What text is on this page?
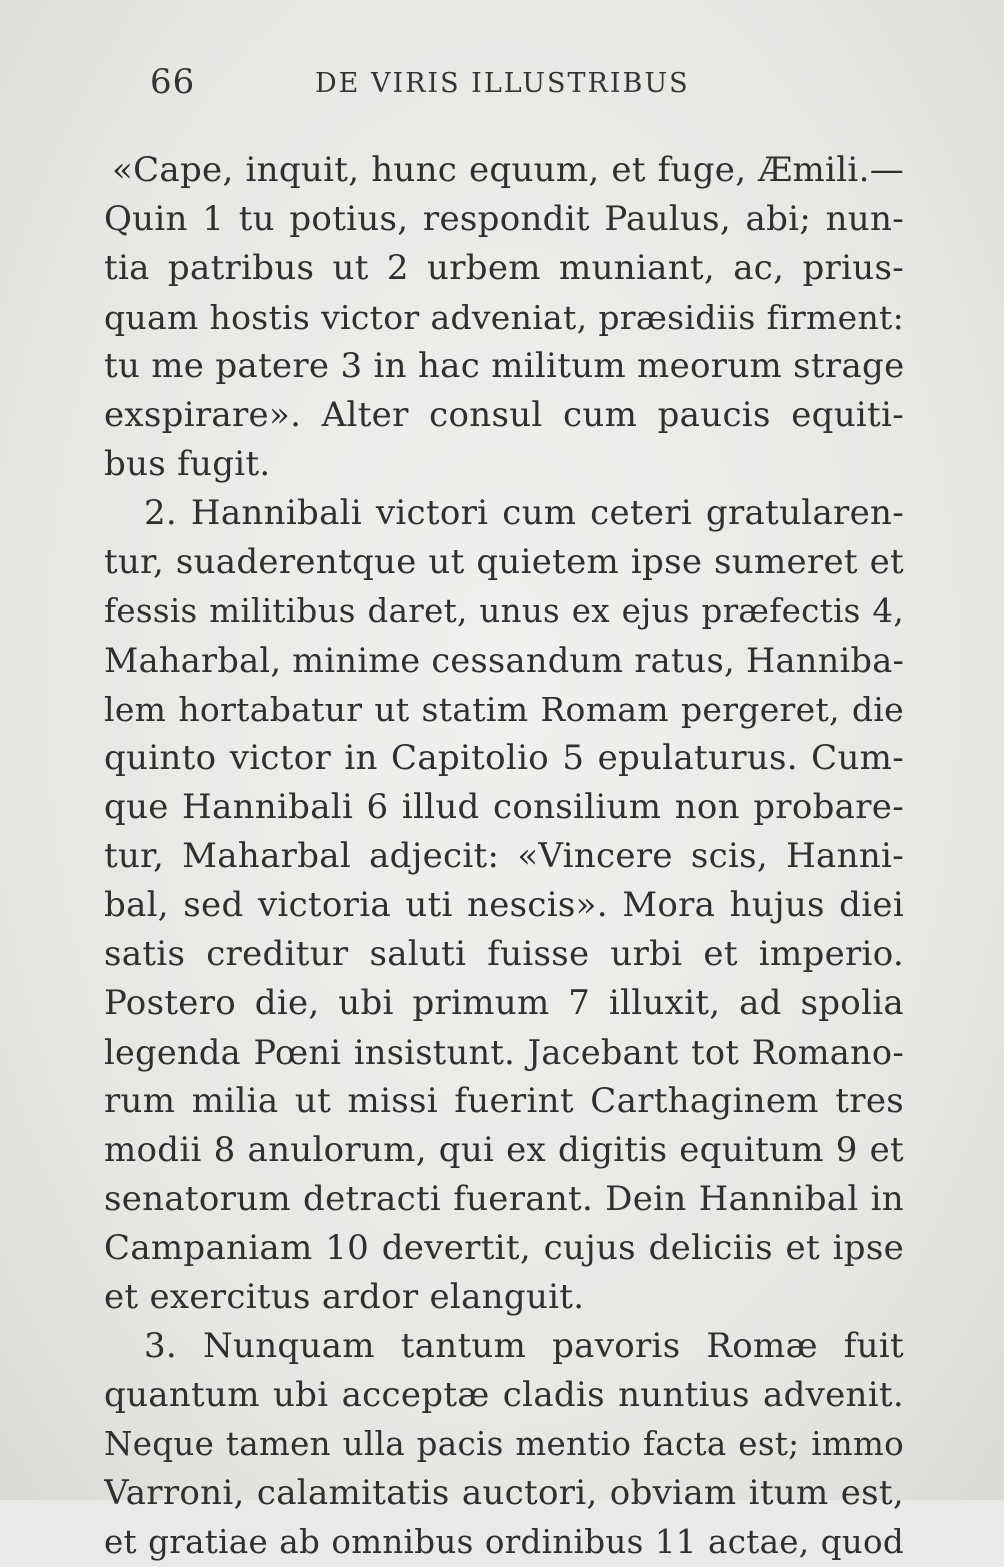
66	DE VIRIS ILLUSTRIBUS
«Cape, inquit, hunc equum, et fuge, Æmili.—
Quin 1 tu potius, respondit Paulus, abi; nun-
tia patribus ut 2 urbem muniant, ac, prius-
quam hostis victor adveniat, præsidiis firment:
tu me patere 3 in hac militum meorum strage
exspirare». Alter consul cum paucis equiti-
bus fugit.
2. Hannibali victori cum ceteri gratularen-
tur, suaderentque ut quietem ipse sumeret et
fessis militibus daret, unus ex ejus præfectis 4,
Maharbal, minime cessandum ratus, Hanniba-
lem hortabatur ut statim Romam pergeret, die
quinto victor in Capitolio 5 epulaturus. Cum-
que Hannibali 6 illud consilium non probare-
tur, Maharbal adjecit: «Vincere scis, Hanni-
bal, sed victoria uti nescis». Mora hujus diei
satis creditur saluti fuisse urbi et imperio.
Postero die, ubi primum 7 illuxit, ad spolia
legenda Pœni insistunt. Jacebant tot Romano-
rum milia ut missi fuerint Carthaginem tres
modii 8 anulorum, qui ex digitis equitum 9 et
senatorum detracti fuerant. Dein Hannibal in
Campaniam 10 devertit, cujus deliciis et ipse
et exercitus ardor elanguit.
3. Nunquam tantum pavoris Romæ fuit
quantum ubi acceptæ cladis nuntius advenit.
Neque tamen ulla pacis mentio facta est; immo
Varroni, calamitatis auctori, obviam itum est,
et gratiae ab omnibus ordinibus 11 actae, quod
